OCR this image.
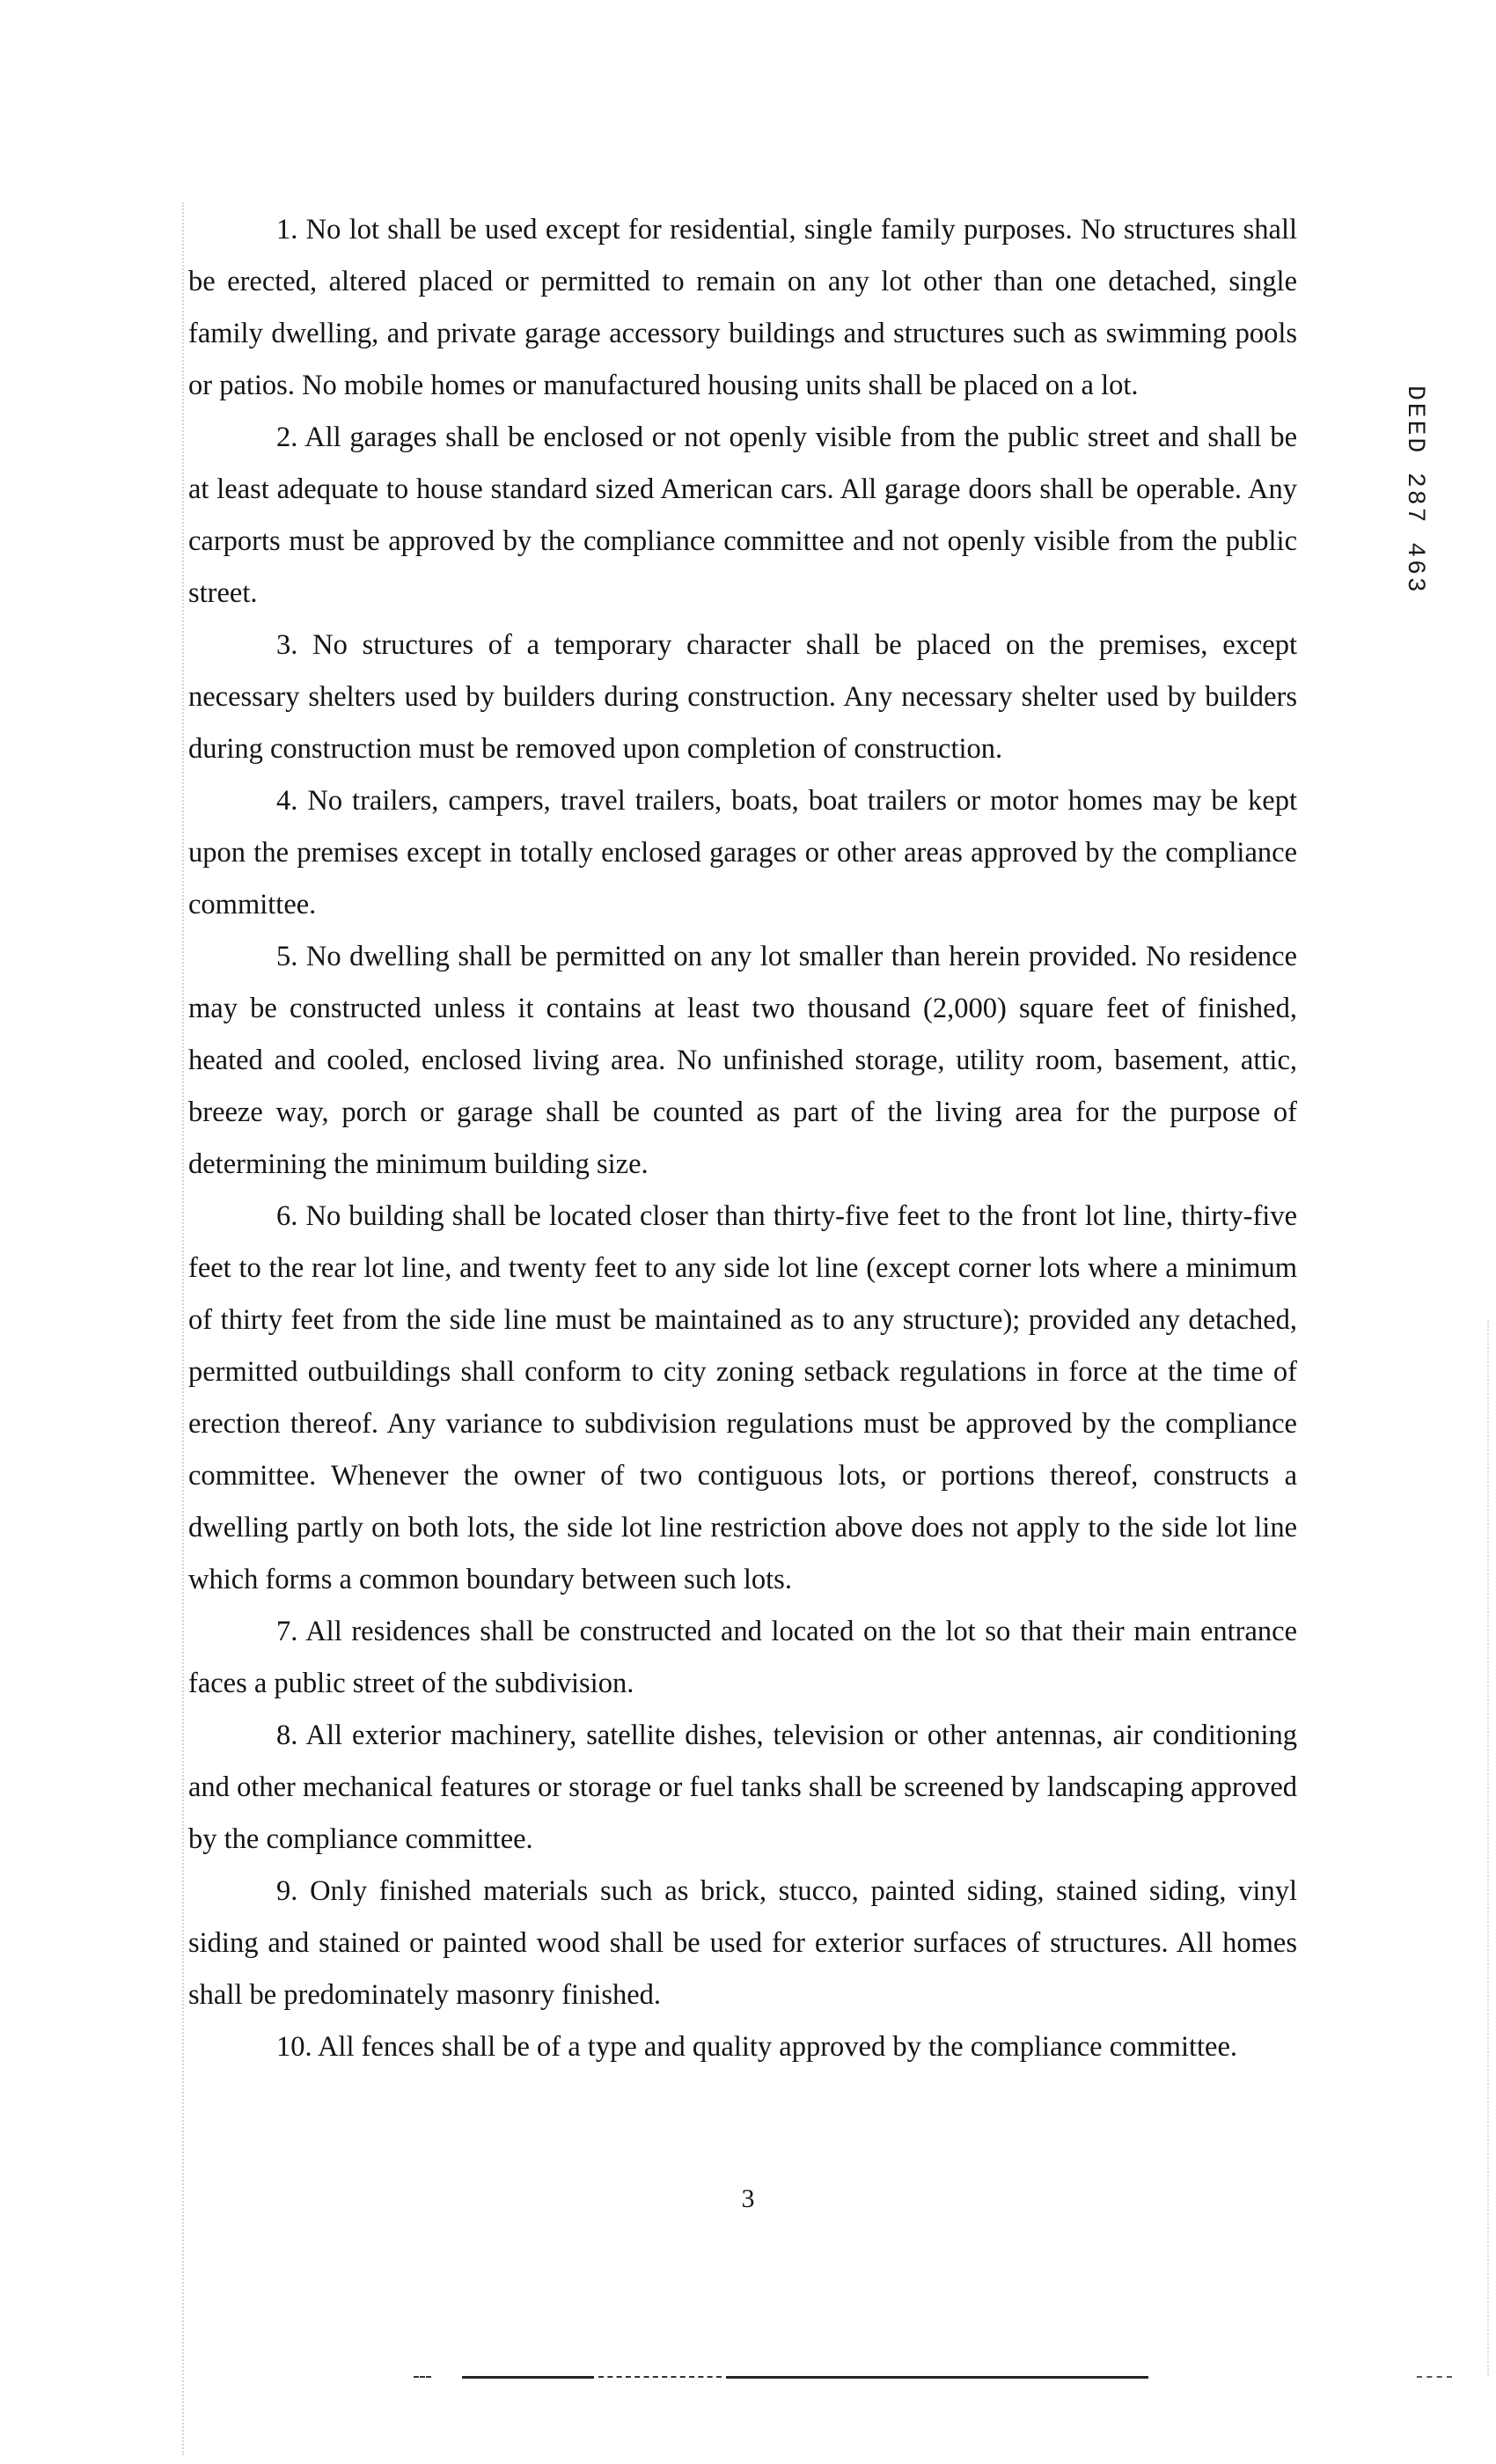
1. No lot shall be used except for residential, single family purposes. No structures shall be erected, altered placed or permitted to remain on any lot other than one detached, single family dwelling, and private garage accessory buildings and structures such as swimming pools or patios. No mobile homes or manufactured housing units shall be placed on a lot.

2. All garages shall be enclosed or not openly visible from the public street and shall be at least adequate to house standard sized American cars. All garage doors shall be operable. Any carports must be approved by the compliance committee and not openly visible from the public street.

3. No structures of a temporary character shall be placed on the premises, except necessary shelters used by builders during construction. Any necessary shelter used by builders during construction must be removed upon completion of construction.

4. No trailers, campers, travel trailers, boats, boat trailers or motor homes may be kept upon the premises except in totally enclosed garages or other areas approved by the compliance committee.

5. No dwelling shall be permitted on any lot smaller than herein provided. No residence may be constructed unless it contains at least two thousand (2,000) square feet of finished, heated and cooled, enclosed living area. No unfinished storage, utility room, basement, attic, breeze way, porch or garage shall be counted as part of the living area for the purpose of determining the minimum building size.

6. No building shall be located closer than thirty-five feet to the front lot line, thirty-five feet to the rear lot line, and twenty feet to any side lot line (except corner lots where a minimum of thirty feet from the side line must be maintained as to any structure); provided any detached, permitted outbuildings shall conform to city zoning setback regulations in force at the time of erection thereof. Any variance to subdivision regulations must be approved by the compliance committee. Whenever the owner of two contiguous lots, or portions thereof, constructs a dwelling partly on both lots, the side lot line restriction above does not apply to the side lot line which forms a common boundary between such lots.

7. All residences shall be constructed and located on the lot so that their main entrance faces a public street of the subdivision.

8. All exterior machinery, satellite dishes, television or other antennas, air conditioning and other mechanical features or storage or fuel tanks shall be screened by landscaping approved by the compliance committee.

9. Only finished materials such as brick, stucco, painted siding, stained siding, vinyl siding and stained or painted wood shall be used for exterior surfaces of structures. All homes shall be predominately masonry finished.

10. All fences shall be of a type and quality approved by the compliance committee.

DEED 287 463
3
